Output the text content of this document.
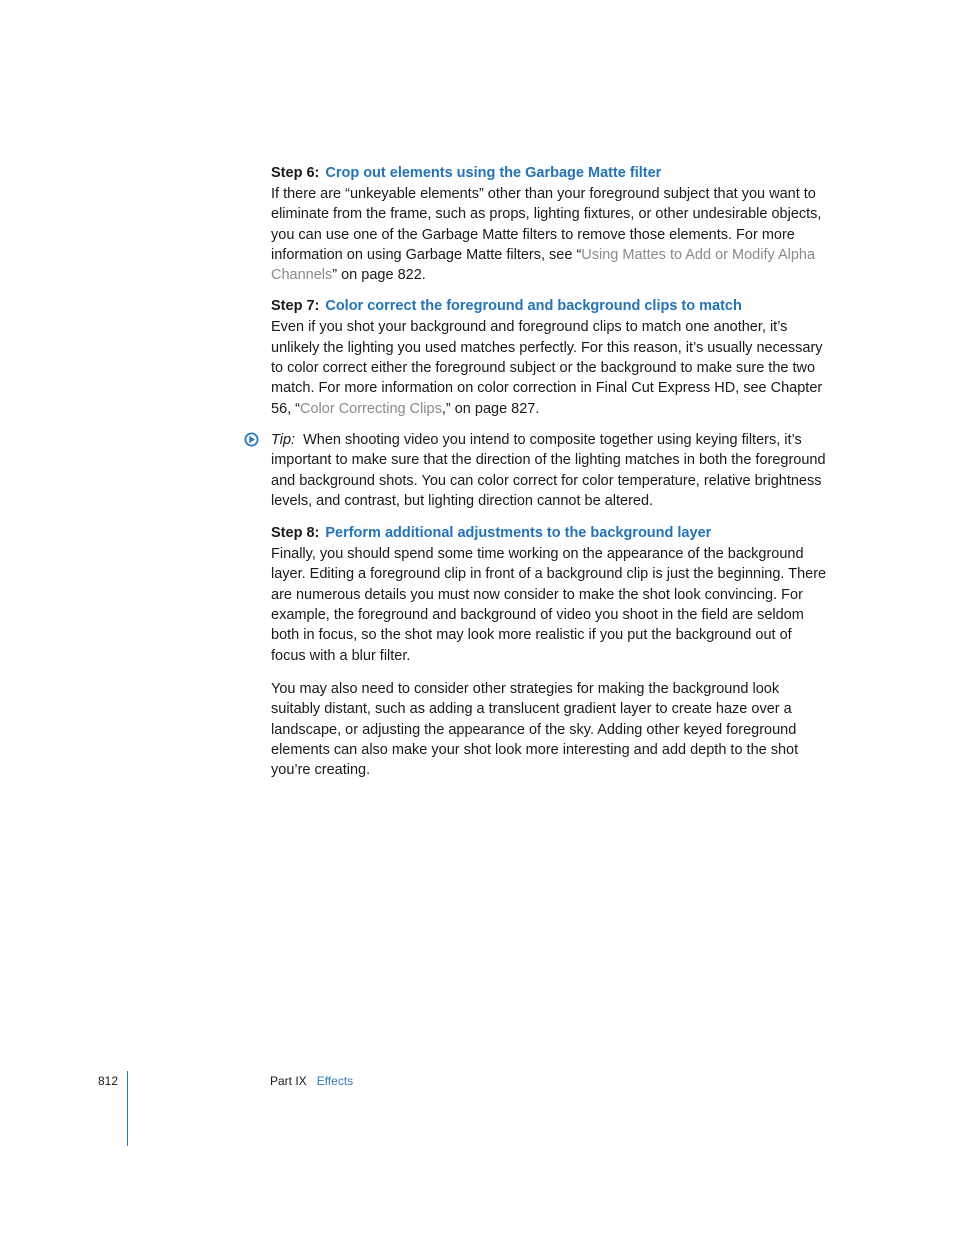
Step 6: Crop out elements using the Garbage Matte filter

If there are “unkeyable elements” other than your foreground subject that you want to eliminate from the frame, such as props, lighting fixtures, or other undesirable objects, you can use one of the Garbage Matte filters to remove those elements. For more information on using Garbage Matte filters, see “Using Mattes to Add or Modify Alpha Channels” on page 822.

Step 7: Color correct the foreground and background clips to match

Even if you shot your background and foreground clips to match one another, it’s unlikely the lighting you used matches perfectly. For this reason, it’s usually necessary to color correct either the foreground subject or the background to make sure the two match. For more information on color correction in Final Cut Express HD, see Chapter 56, “Color Correcting Clips,” on page 827.

Tip: When shooting video you intend to composite together using keying filters, it’s important to make sure that the direction of the lighting matches in both the foreground and background shots. You can color correct for color temperature, relative brightness levels, and contrast, but lighting direction cannot be altered.

Step 8: Perform additional adjustments to the background layer

Finally, you should spend some time working on the appearance of the background layer. Editing a foreground clip in front of a background clip is just the beginning. There are numerous details you must now consider to make the shot look convincing. For example, the foreground and background of video you shoot in the field are seldom both in focus, so the shot may look more realistic if you put the background out of focus with a blur filter.

You may also need to consider other strategies for making the background look suitably distant, such as adding a translucent gradient layer to create haze over a landscape, or adjusting the appearance of the sky. Adding other keyed foreground elements can also make your shot look more interesting and add depth to the shot you’re creating.

812	Part IX Effects
